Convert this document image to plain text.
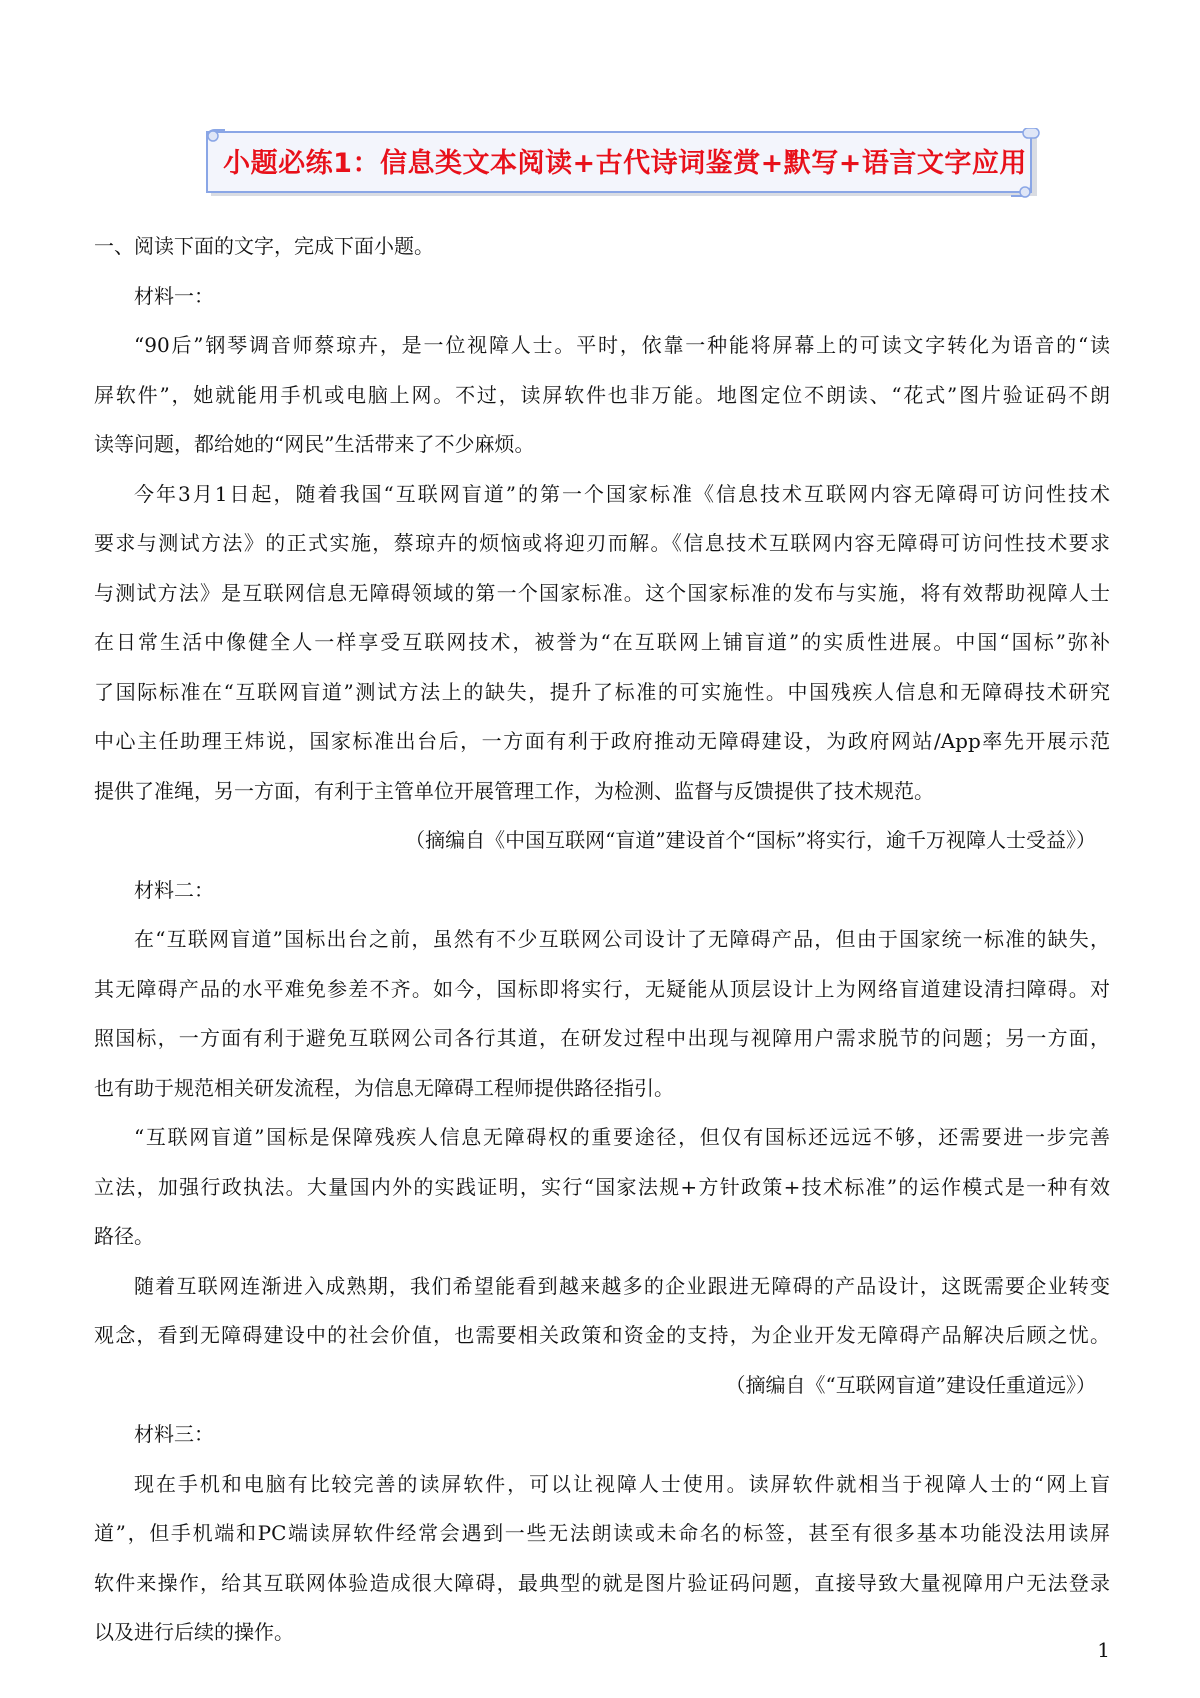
小题必练1：信息类文本阅读+古代诗词鉴赏+默写+语言文字应用

一、阅读下面的文字，完成下面小题。

材料一：

“90后”钢琴调音师蔡琼卉，是一位视障人士。平时，依靠一种能将屏幕上的可读文字转化为语音的“读
屏软件”，她就能用手机或电脑上网。不过，读屏软件也非万能。地图定位不朗读、“花式”图片验证码不朗
读等问题，都给她的“网民”生活带来了不少麻烦。

今年3月1日起，随着我国“互联网盲道”的第一个国家标准《信息技术互联网内容无障碍可访问性技术
要求与测试方法》的正式实施，蔡琼卉的烦恼或将迎刃而解。《信息技术互联网内容无障碍可访问性技术要求
与测试方法》是互联网信息无障碍领域的第一个国家标准。这个国家标准的发布与实施，将有效帮助视障人士
在日常生活中像健全人一样享受互联网技术，被誉为“在互联网上铺盲道”的实质性进展。中国“国标”弥补
了国际标准在“互联网盲道”测试方法上的缺失，提升了标准的可实施性。中国残疾人信息和无障碍技术研究
中心主任助理王炜说，国家标准出台后，一方面有利于政府推动无障碍建设，为政府网站/App率先开展示范
提供了准绳，另一方面，有利于主管单位开展管理工作，为检测、监督与反馈提供了技术规范。

（摘编自《中国互联网“盲道”建设首个“国标”将实行，逾千万视障人士受益》）

材料二：

在“互联网盲道”国标出台之前，虽然有不少互联网公司设计了无障碍产品，但由于国家统一标准的缺失，
其无障碍产品的水平难免参差不齐。如今，国标即将实行，无疑能从顶层设计上为网络盲道建设清扫障碍。对
照国标，一方面有利于避免互联网公司各行其道，在研发过程中出现与视障用户需求脱节的问题；另一方面，
也有助于规范相关研发流程，为信息无障碍工程师提供路径指引。

“互联网盲道”国标是保障残疾人信息无障碍权的重要途径，但仅有国标还远远不够，还需要进一步完善
立法，加强行政执法。大量国内外的实践证明，实行“国家法规+方针政策+技术标准”的运作模式是一种有效
路径。

随着互联网连渐进入成熟期，我们希望能看到越来越多的企业跟进无障碍的产品设计，这既需要企业转变
观念，看到无障碍建设中的社会价值，也需要相关政策和资金的支持，为企业开发无障碍产品解决后顾之忧。

（摘编自《“互联网盲道”建设任重道远》）

材料三：

现在手机和电脑有比较完善的读屏软件，可以让视障人士使用。读屏软件就相当于视障人士的“网上盲
道”，但手机端和PC端读屏软件经常会遇到一些无法朗读或未命名的标签，甚至有很多基本功能没法用读屏
软件来操作，给其互联网体验造成很大障碍，最典型的就是图片验证码问题，直接导致大量视障用户无法登录
以及进行后续的操作。

1
